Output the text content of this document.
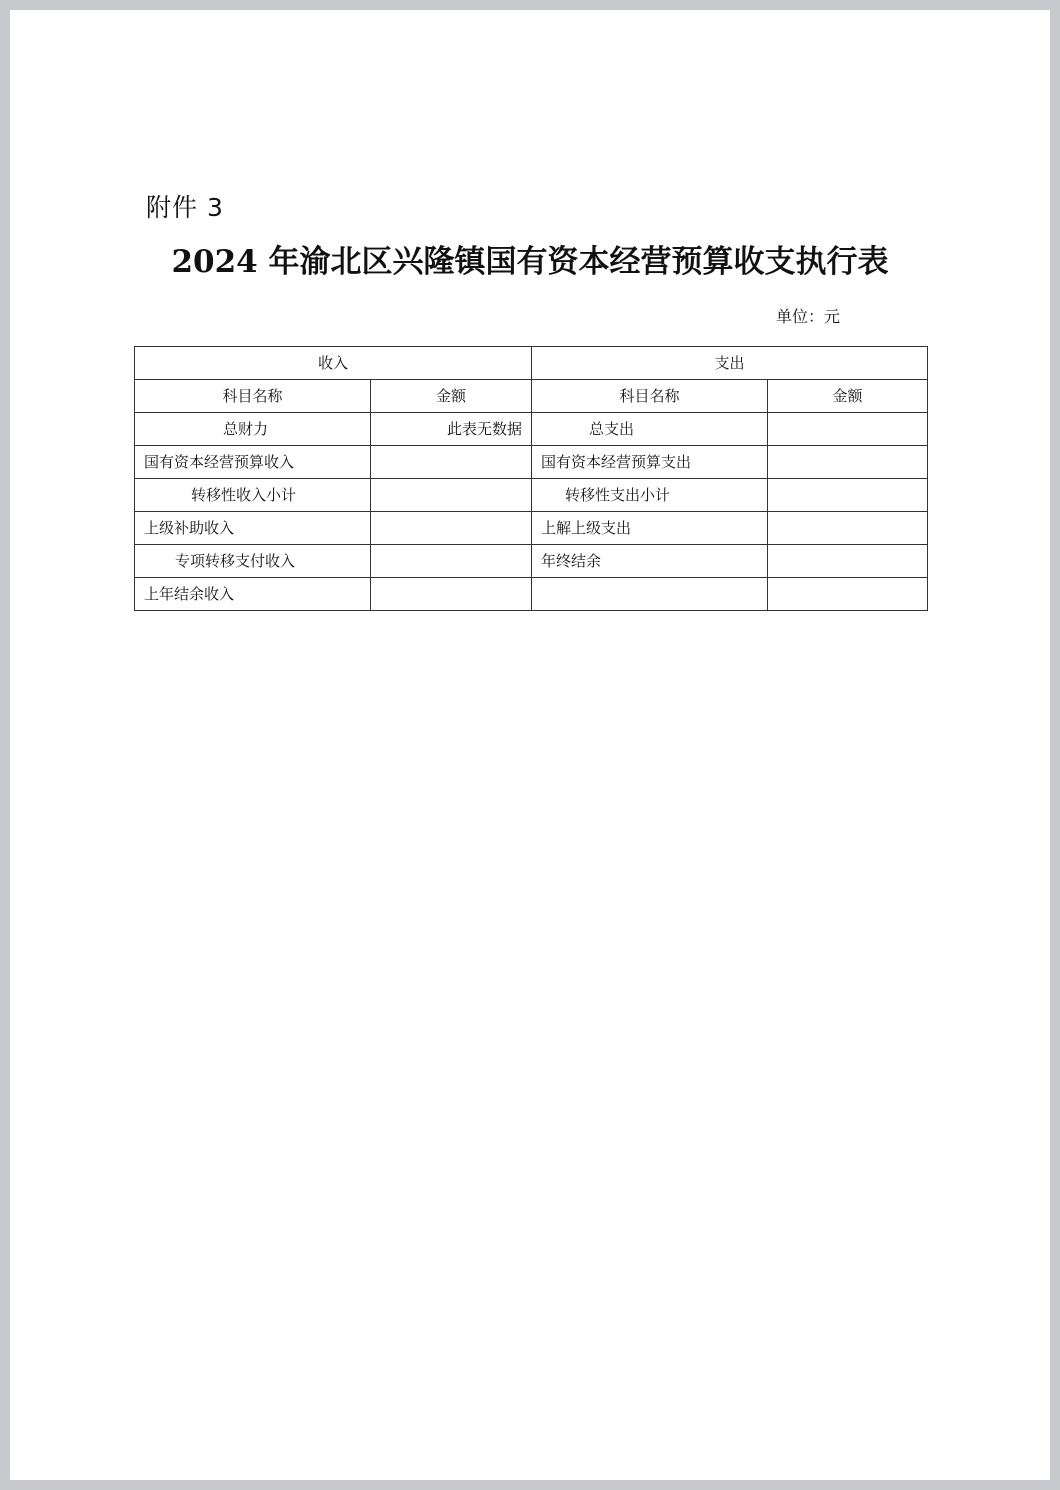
附件 3
2024 年渝北区兴隆镇国有资本经营预算收支执行表
单位：元
收入		支出	
科目名称	金额	科目名称	金额
总财力	此表无数据	总支出	
国有资本经营预算收入		国有资本经营预算支出	
转移性收入小计		转移性支出小计	
上级补助收入		上解上级支出	
专项转移支付收入		年终结余	
上年结余收入			
